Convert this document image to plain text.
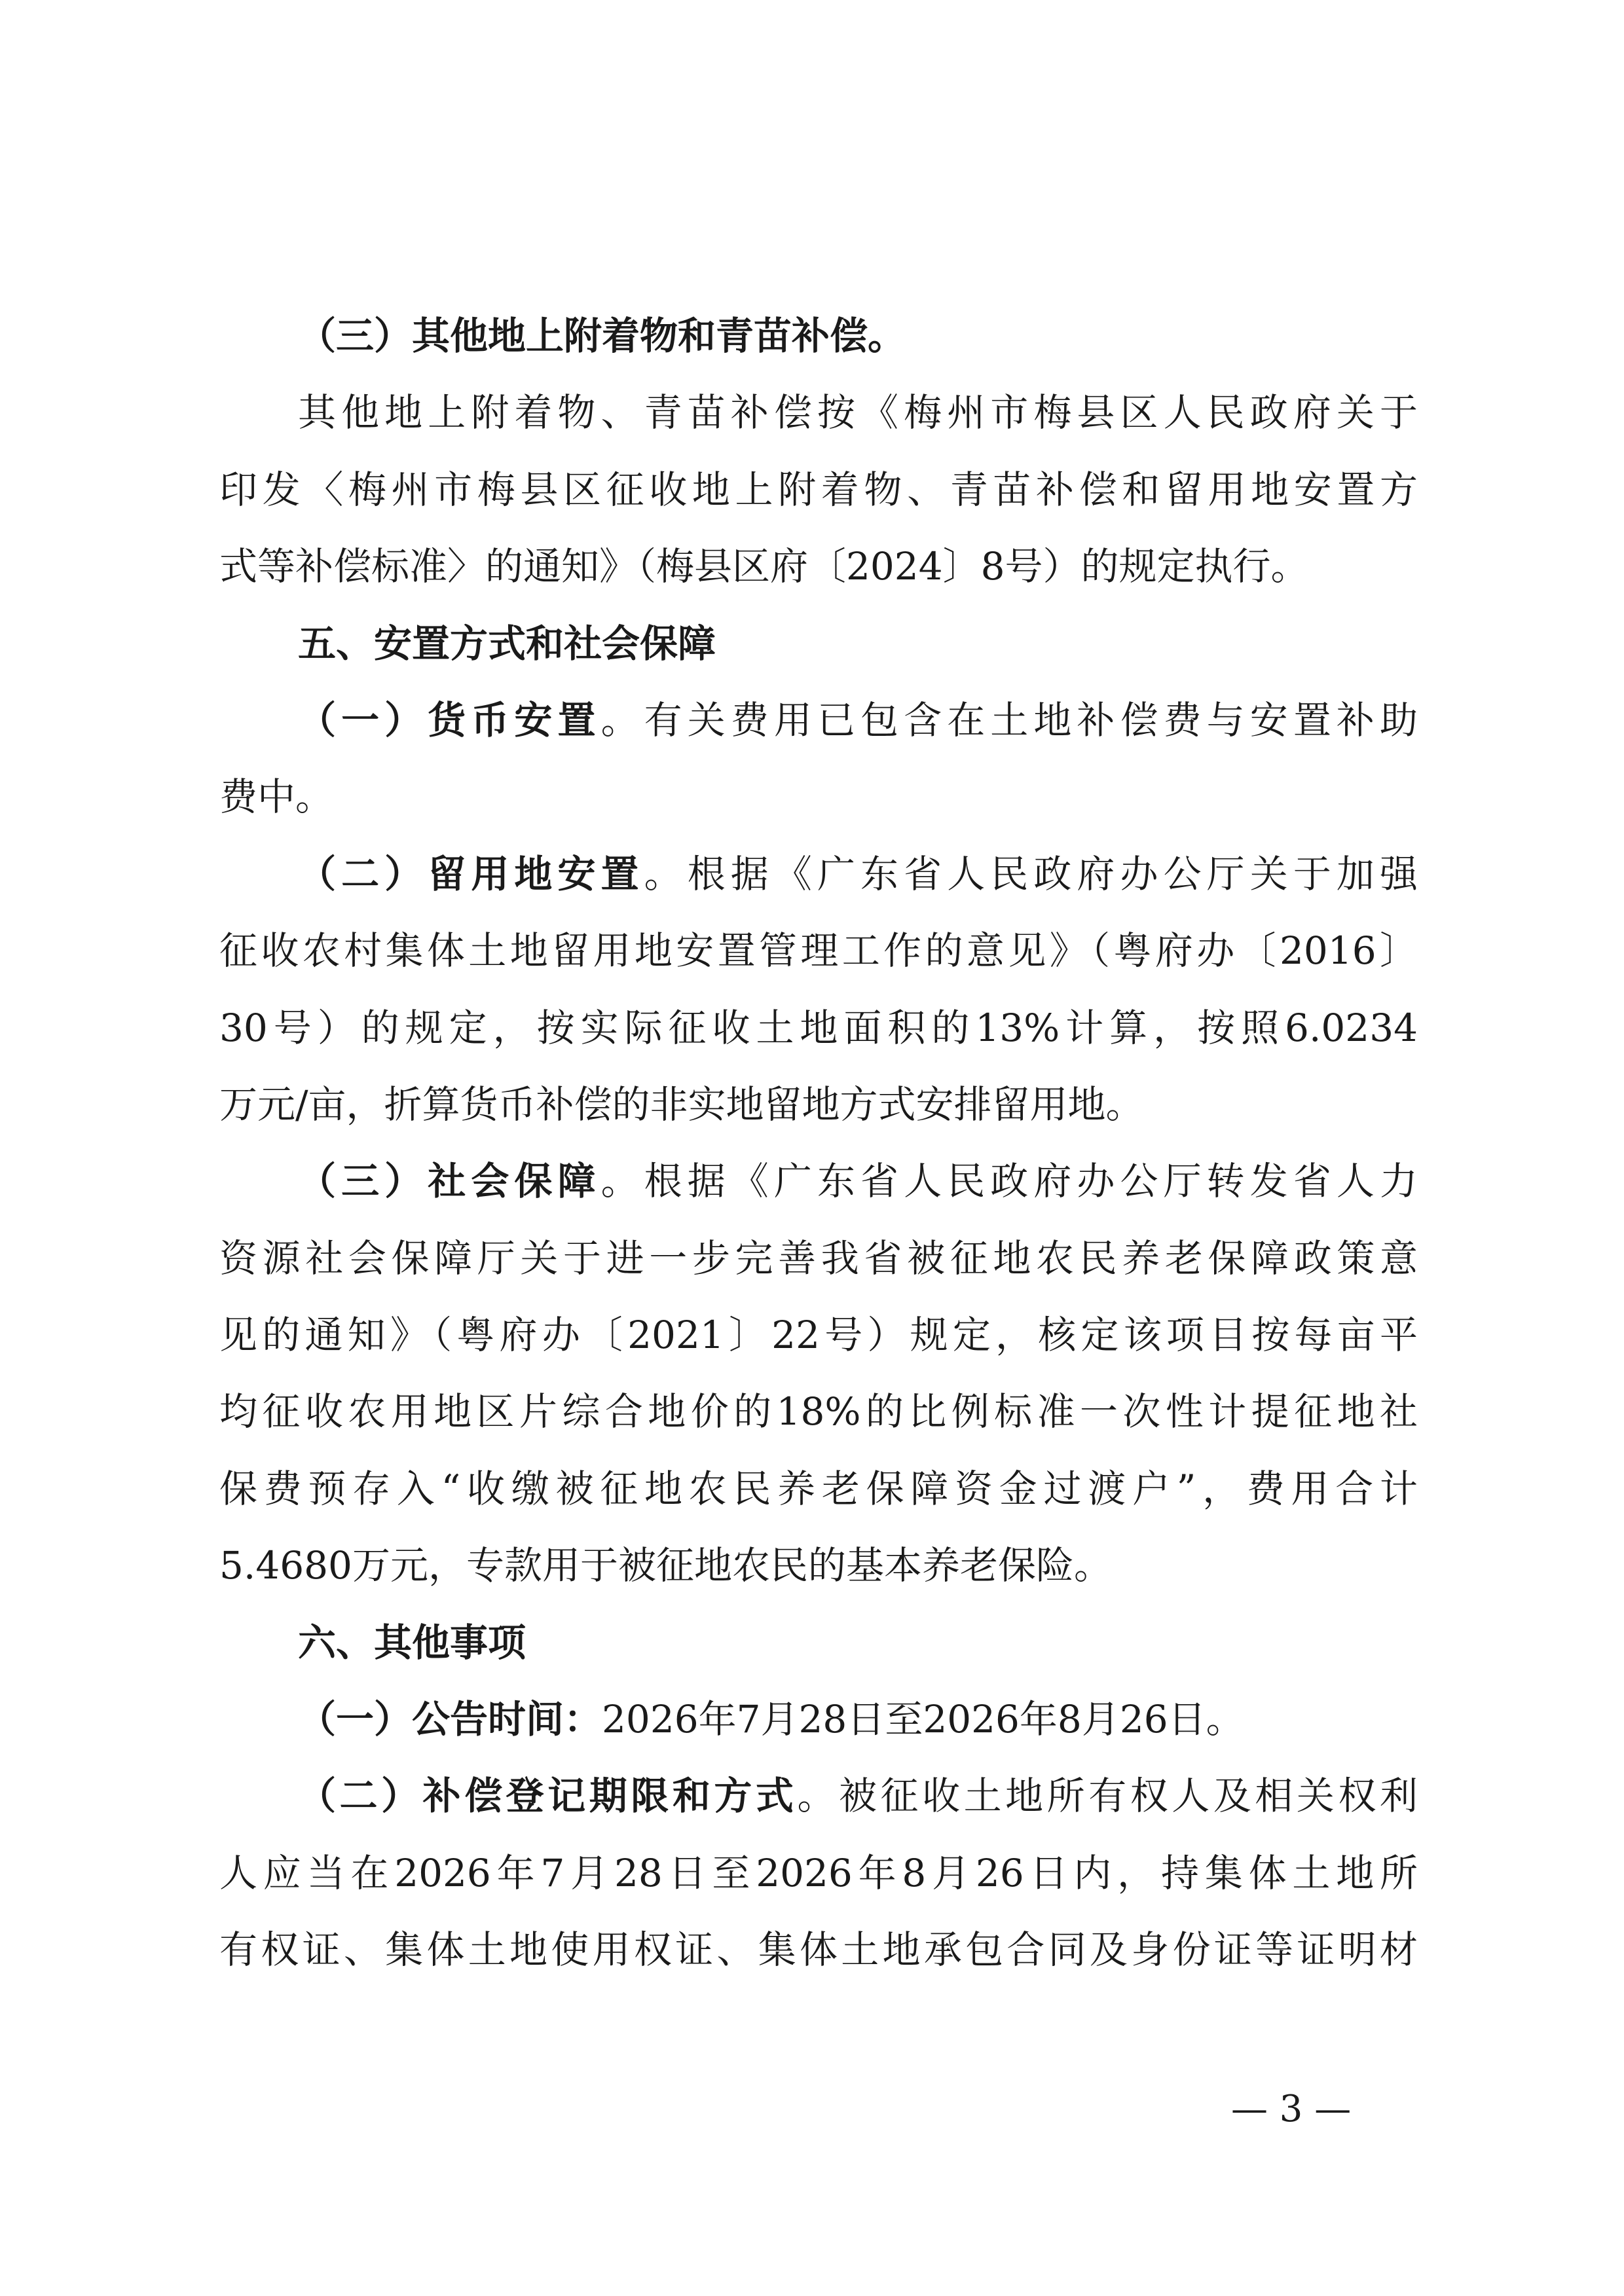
（三）其他地上附着物和青苗补偿。
其他地上附着物、青苗补偿按《梅州市梅县区人民政府关于
印发〈梅州市梅县区征收地上附着物、青苗补偿和留用地安置方
式等补偿标准〉的通知》（梅县区府〔2024〕8号）的规定执行。
五、安置方式和社会保障
（一）货币安置。有关费用已包含在土地补偿费与安置补助
费中。
（二）留用地安置。根据《广东省人民政府办公厅关于加强
征收农村集体土地留用地安置管理工作的意见》（粤府办〔2016〕
30号）的规定，按实际征收土地面积的13%计算，按照6.0234
万元/亩，折算货币补偿的非实地留地方式安排留用地。
（三）社会保障。根据《广东省人民政府办公厅转发省人力
资源社会保障厅关于进一步完善我省被征地农民养老保障政策意
见的通知》（粤府办〔2021〕22号）规定，核定该项目按每亩平
均征收农用地区片综合地价的18%的比例标准一次性计提征地社
保费预存入“收缴被征地农民养老保障资金过渡户”，费用合计
5.4680万元，专款用于被征地农民的基本养老保险。
六、其他事项
（一）公告时间：2026年7月28日至2026年8月26日。
（二）补偿登记期限和方式。被征收土地所有权人及相关权利
人应当在2026年7月28日至2026年8月26日内，持集体土地所
有权证、集体土地使用权证、集体土地承包合同及身份证等证明材
— 3 —
